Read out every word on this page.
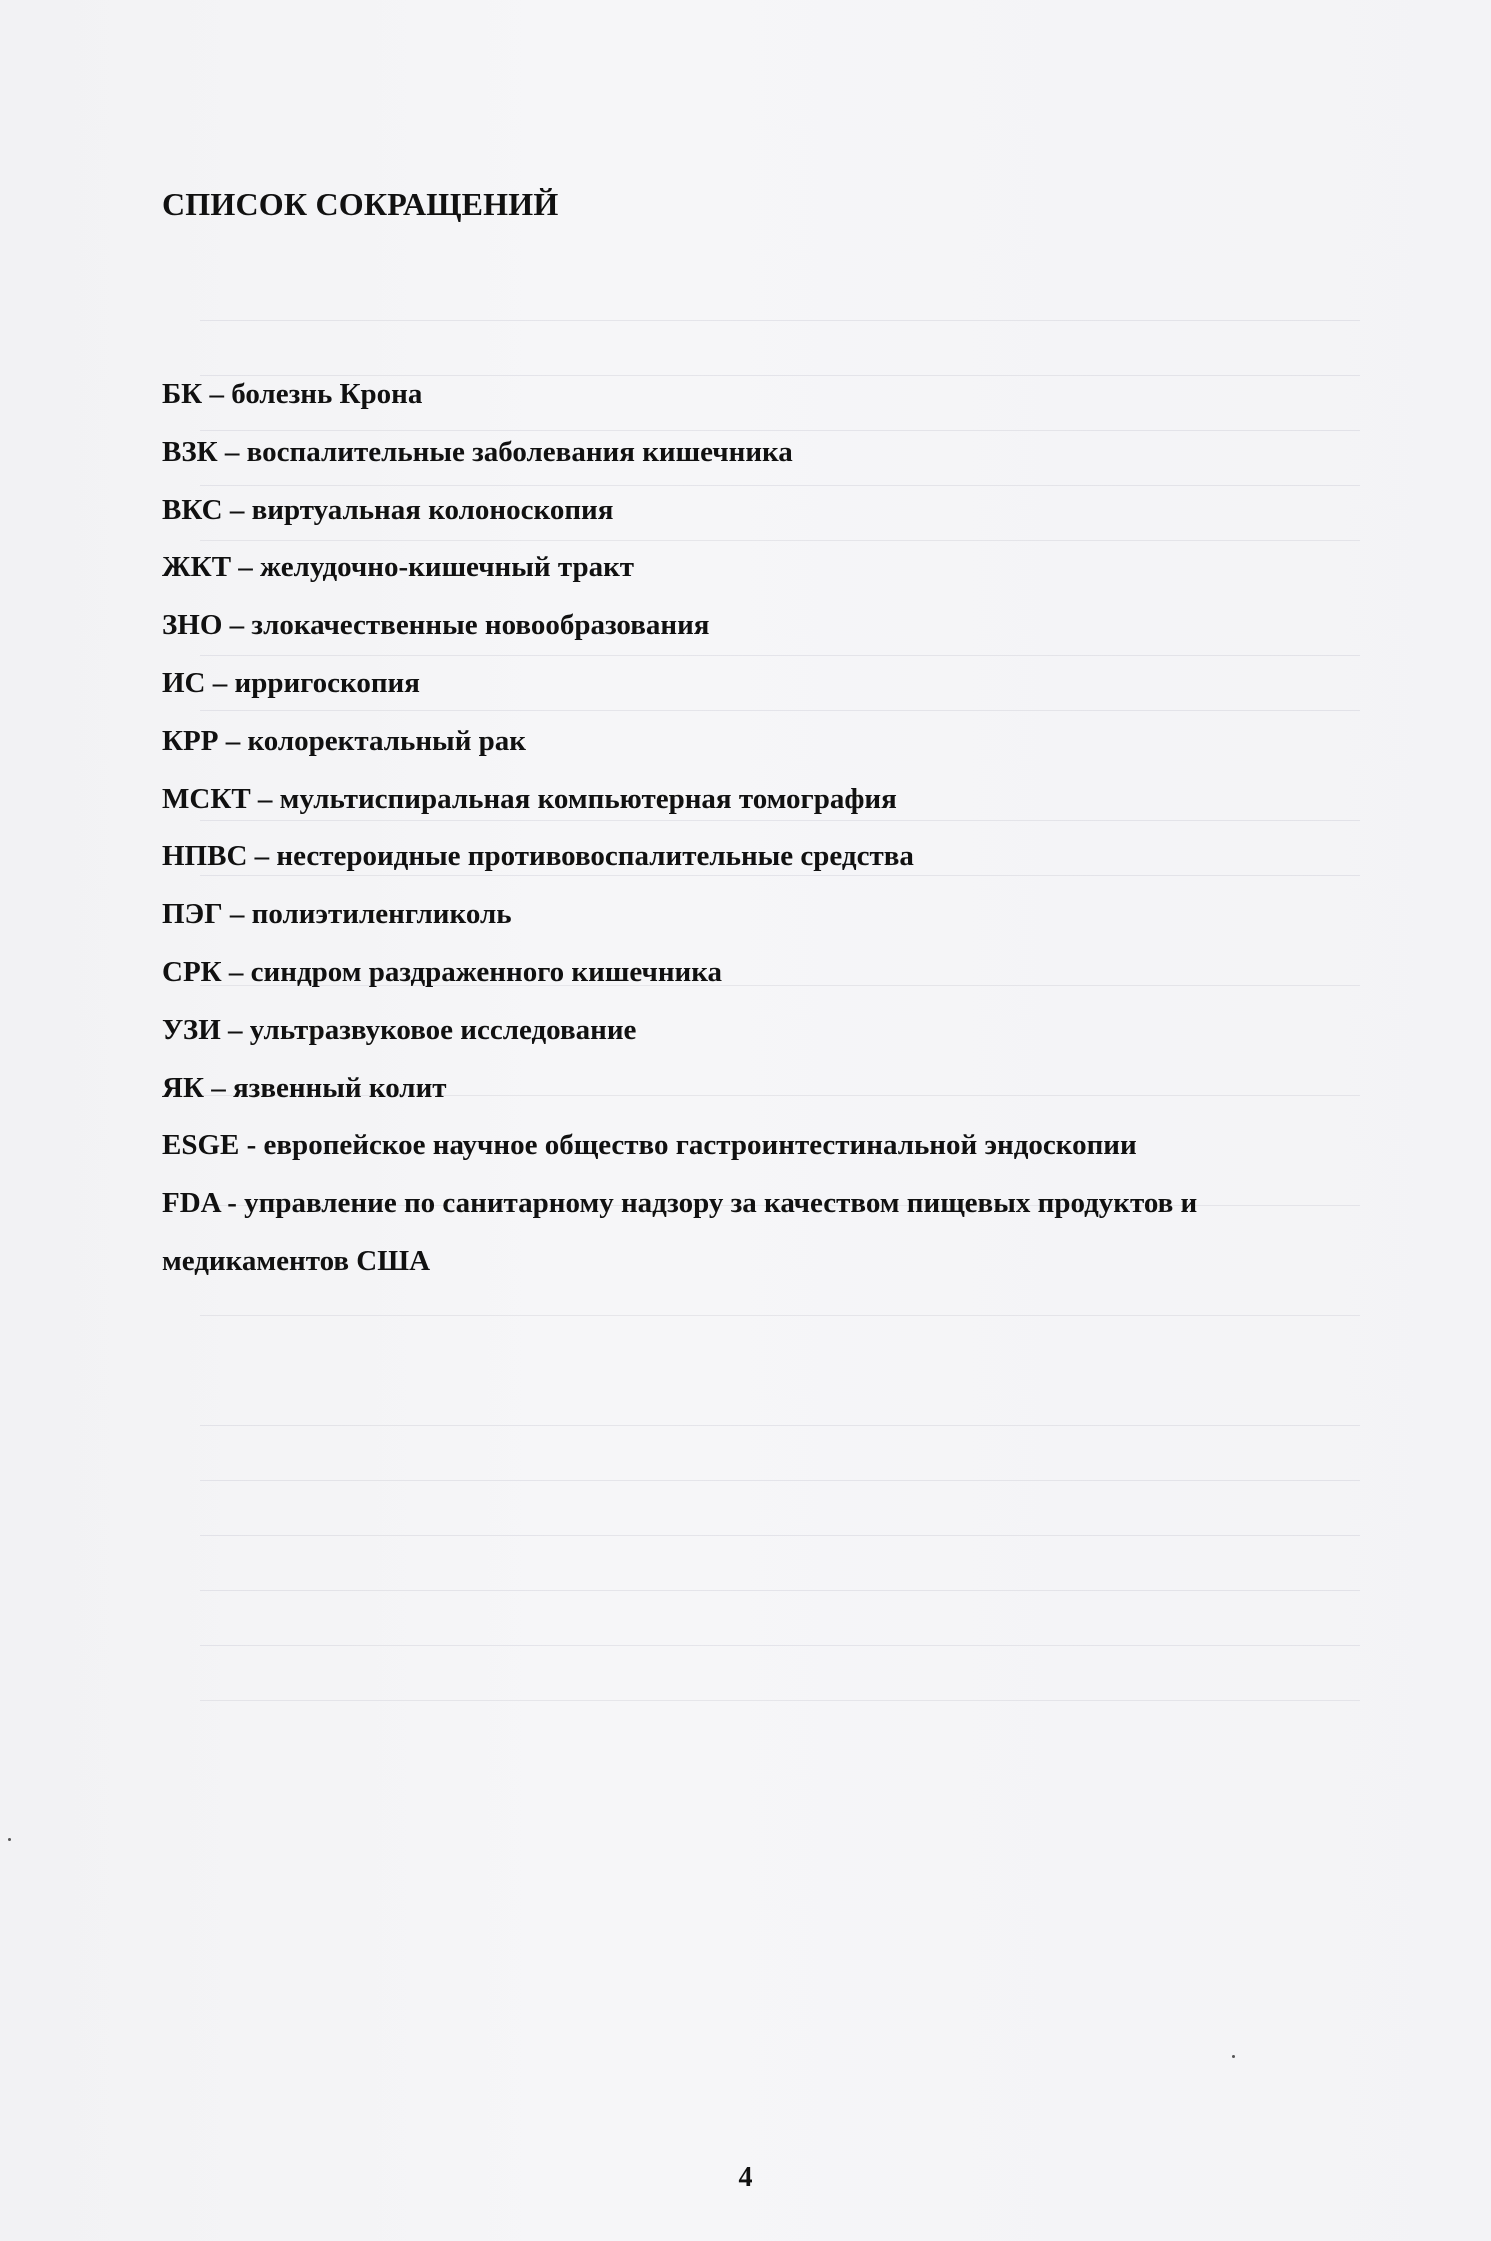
СПИСОК СОКРАЩЕНИЙ
БК – болезнь Крона
ВЗК – воспалительные заболевания кишечника
ВКС – виртуальная колоноскопия
ЖКТ – желудочно-кишечный тракт
ЗНО – злокачественные новообразования
ИС – ирригоскопия
КРР – колоректальный рак
МСКТ – мультиспиральная компьютерная томография
НПВС – нестероидные противовоспалительные средства
ПЭГ – полиэтиленгликоль
СРК – синдром раздраженного кишечника
УЗИ – ультразвуковое исследование
ЯК – язвенный колит
ESGE - европейское научное общество гастроинтестинальной эндоскопии
FDA - управление по санитарному надзору за качеством пищевых продуктов и медикаментов США
4
